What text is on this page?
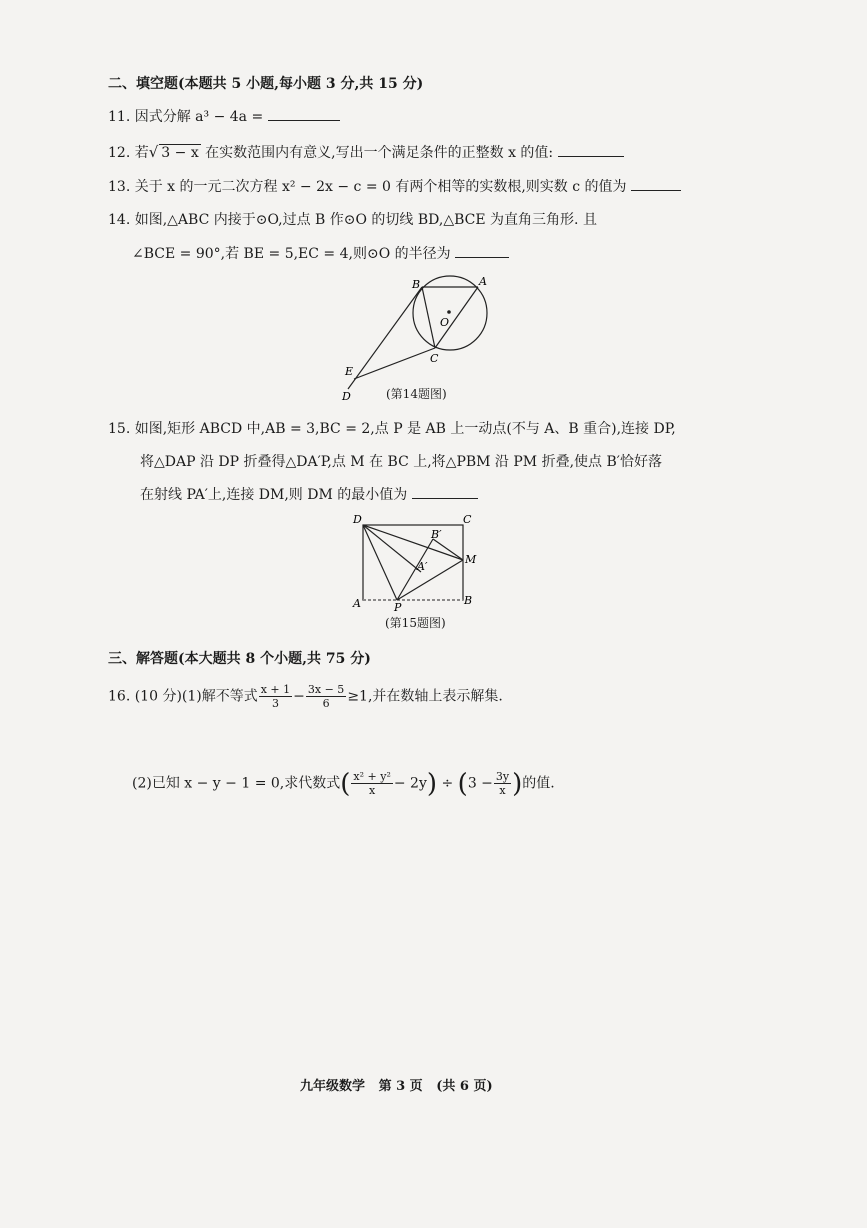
二、填空题(本题共 5 小题,每小题 3 分,共 15 分)
11. 因式分解 a³ − 4a =
12. 若√ 3 − x 在实数范围内有意义,写出一个满足条件的正整数 x 的值:
13. 关于 x 的一元二次方程 x² − 2x − c = 0 有两个相等的实数根,则实数 c 的值为
14. 如图,△ABC 内接于⊙O,过点 B 作⊙O 的切线 BD,△BCE 为直角三角形. 且
∠BCE = 90°,若 BE = 5,EC = 4,则⊙O 的半径为
B	A
O
C
E
D	(第14题图)
15. 如图,矩形 ABCD 中,AB = 3,BC = 2,点 P 是 AB 上一动点(不与 A、B 重合),连接 DP,
将△DAP 沿 DP 折叠得△DA′P,点 M 在 BC 上,将△PBM 沿 PM 折叠,使点 B′恰好落
在射线 PA′上,连接 DM,则 DM 的最小值为
D	C
B′
M
A′
A	P
B
(第15题图)
三、解答题(本大题共 8 个小题,共 75 分)
16. (10 分)(1)解不等式 $\frac{x + 1}{3} - \frac{3x - 5}{6} \ge 1$,并在数轴上表示解集.
(2)已知 x − y − 1 = 0,求代数式( $\frac{\text{x² + y²}}{x} - 2y) \div (3 - \frac{3y}{x}$ )的值.
九年级数学   第 3 页   (共 6 页)
